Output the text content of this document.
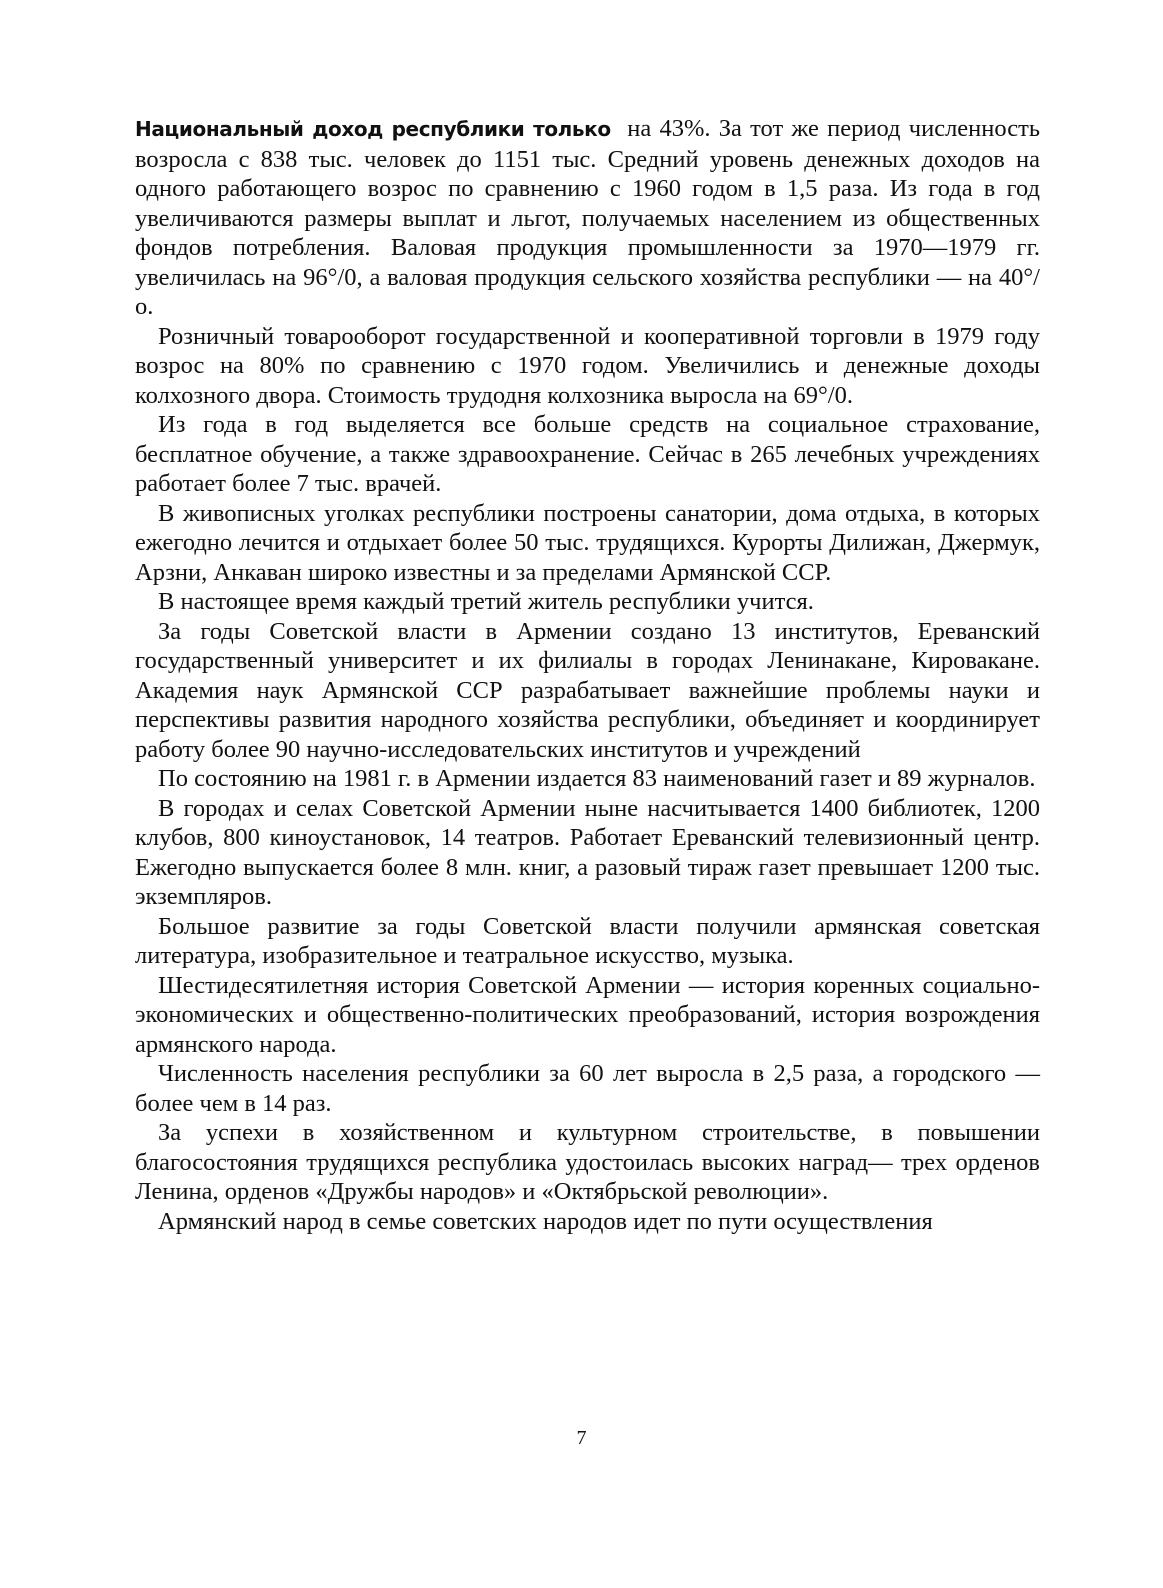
Национальный доход республики только на 43%. За тот же период численность возросла с 838 тыс. человек до 1151 тыс. Средний уровень денежных доходов на одного работающего возрос по сравнению с 1960 годом в 1,5 раза. Из года в год увеличиваются размеры выплат и льгот, получаемых населением из общественных фондов потребления. Валовая продукция промышленности за 1970—1979 гг. увеличилась на 96°/0, а валовая продукция сельского хозяйства республики — на 40°/о.

Розничный товарооборот государственной и кооперативной торговли в 1979 году возрос на 80% по сравнению с 1970 годом. Увеличились и денежные доходы колхозного двора. Стоимость трудодня колхозника выросла на 69°/0.

Из года в год выделяется все больше средств на социальное страхование, бесплатное обучение, а также здравоохранение. Сейчас в 265 лечебных учреждениях работает более 7 тыс. врачей.

В живописных уголках республики построены санатории, дома отдыха, в которых ежегодно лечится и отдыхает более 50 тыс. трудящихся. Курорты Дилижан, Джермук, Арзни, Анкаван широко известны и за пределами Армянской ССР.

В настоящее время каждый третий житель республики учится.

За годы Советской власти в Армении создано 13 институтов, Ереванский государственный университет и их филиалы в городах Ленинакане, Кировакане. Академия наук Армянской ССР разрабатывает важнейшие проблемы науки и перспективы развития народного хозяйства республики, объединяет и координирует работу более 90 научно-исследовательских институтов и учреждений

По состоянию на 1981 г. в Армении издается 83 наименований газет и 89 журналов.

В городах и селах Советской Армении ныне насчитывается 1400 библиотек, 1200 клубов, 800 киноустановок, 14 театров. Работает Ереванский телевизионный центр. Ежегодно выпускается более 8 млн. книг, а разовый тираж газет превышает 1200 тыс. экземпляров.

Большое развитие за годы Советской власти получили армянская советская литература, изобразительное и театральное искусство, музыка.

Шестидесятилетняя история Советской Армении — история коренных социально-экономических и общественно-политических преобразований, история возрождения армянского народа.

Численность населения республики за 60 лет выросла в 2,5 раза, а городского —более чем в 14 раз.

За успехи в хозяйственном и культурном строительстве, в повышении благосостояния трудящихся республика удостоилась высоких наград— трех орденов Ленина, орденов «Дружбы народов» и «Октябрьской революции».

Армянский народ в семье советских народов идет по пути осуществления

7
